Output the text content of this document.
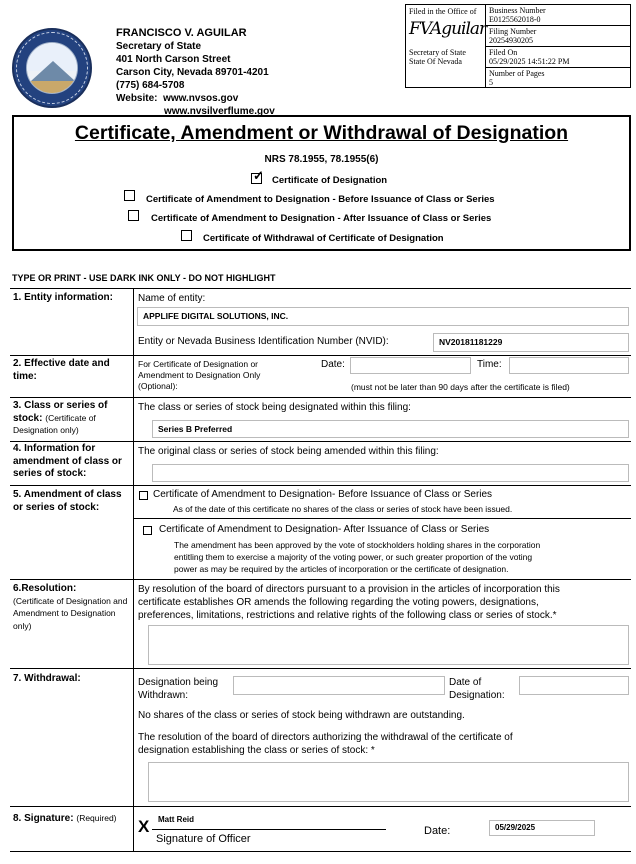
FRANCISCO V. AGUILAR
Secretary of State
401 North Carson Street
Carson City, Nevada 89701-4201
(775) 684-5708
Website: www.nvsos.gov
www.nvsilverflume.gov
Filed in the Office of
FVAguilar
Secretary of State
State Of Nevada
Business Number
E0125562018-0
Filing Number
20254930205
Filed On
05/29/2025 14:51:22 PM
Number of Pages
5
Certificate, Amendment or Withdrawal of Designation
NRS 78.1955, 78.1955(6)
✓ Certificate of Designation
Certificate of Amendment to Designation - Before Issuance of Class or Series
Certificate of Amendment to Designation - After Issuance of Class or Series
Certificate of Withdrawal of Certificate of Designation
TYPE OR PRINT - USE DARK INK ONLY - DO NOT HIGHLIGHT
1. Entity information:	Name of entity:
APPLIFE DIGITAL SOLUTIONS, INC.
Entity or Nevada Business Identification Number (NVID):	NV20181181229
2. Effective date and time:
For Certificate of Designation or Amendment to Designation Only (Optional):
Date:	Time:
(must not be later than 90 days after the certificate is filed)
3. Class or series of stock: (Certificate of Designation only)
The class or series of stock being designated within this filing:
Series B Preferred
4. Information for amendment of class or series of stock:
The original class or series of stock being amended within this filing:
5. Amendment of class or series of stock:
Certificate of Amendment to Designation- Before Issuance of Class or Series
As of the date of this certificate no shares of the class or series of stock have been issued.
Certificate of Amendment to Designation- After Issuance of Class or Series
The amendment has been approved by the vote of stockholders holding shares in the corporation
entitling them to exercise a majority of the voting power, or such greater proportion of the voting
power as may be required by the articles of incorporation or the certificate of designation.
6.Resolution:
(Certificate of Designation and Amendment to Designation only)
By resolution of the board of directors pursuant to a provision in the articles of incorporation this
certificate establishes OR amends the following regarding the voting powers, designations,
preferences, limitations, restrictions and relative rights of the following class or series of stock.*
7. Withdrawal:	Designation being
Withdrawn:
Date of
Designation:
No shares of the class or series of stock being withdrawn are outstanding.
The resolution of the board of directors authorizing the withdrawal of the certificate of
designation establishing the class or series of stock: *
8. Signature: (Required) X Matt Reid
Signature of Officer
Date:	05/29/2025
